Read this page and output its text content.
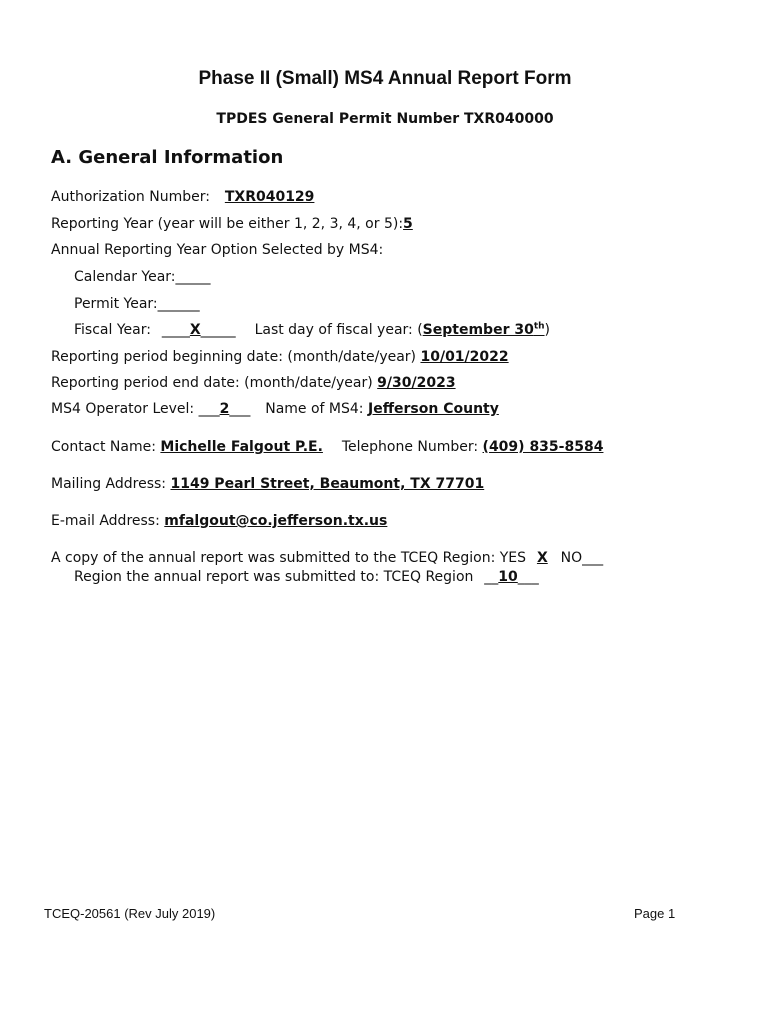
Phase II (Small) MS4 Annual Report Form
TPDES General Permit Number TXR040000
A. General Information
Authorization Number: TXR040129
Reporting Year (year will be either 1, 2, 3, 4, or 5):5
Annual Reporting Year Option Selected by MS4:
Calendar Year:_____
Permit Year:______
Fiscal Year: ____X_____ Last day of fiscal year: (September 30th)
Reporting period beginning date: (month/date/year) 10/01/2022
Reporting period end date: (month/date/year) 9/30/2023
MS4 Operator Level: ___2___ Name of MS4: Jefferson County
Contact Name: Michelle Falgout P.E. Telephone Number: (409) 835-8584
Mailing Address: 1149 Pearl Street, Beaumont, TX 77701
E-mail Address: mfalgout@co.jefferson.tx.us
A copy of the annual report was submitted to the TCEQ Region: YES X NO___
Region the annual report was submitted to: TCEQ Region __10___
TCEQ-20561 (Rev July 2019)	Page 1
